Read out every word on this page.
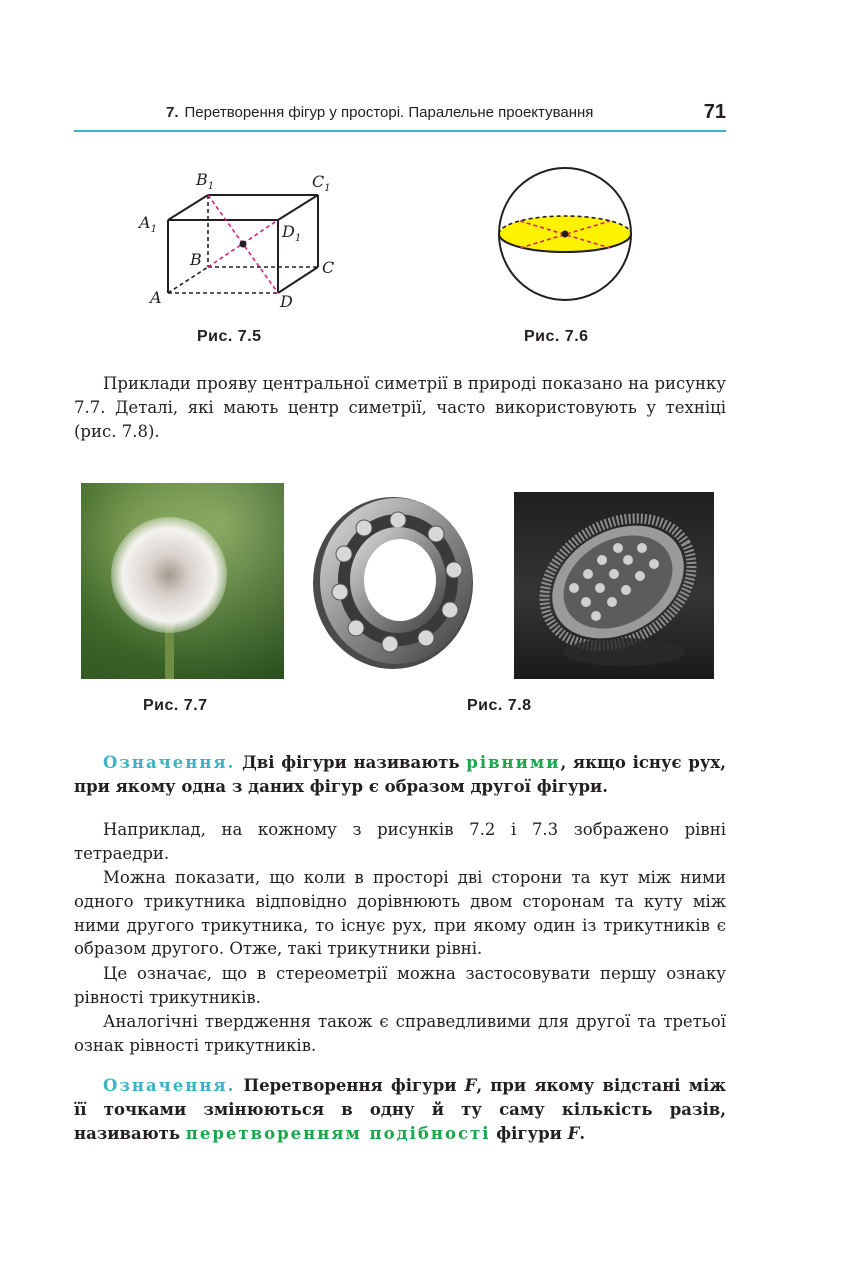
7. Перетворення фігур у просторі. Паралельне проектування	71
$B_1$	$C_1$
$A_1$	$D_1$
B	C
A	D
Рис. 7.5	Рис. 7.6
Приклади прояву центральної симетрії в природі показано на рисунку 7.7. Деталі, які мають центр симетрії, часто використовують у техніці (рис. 7.8).
Рис. 7.7	Рис. 7.8
Означення. Дві фігури називають рівними, якщо існує рух, при якому одна з даних фігур є образом другої фігури.
Наприклад, на кожному з рисунків 7.2 і 7.3 зображено рівні тетраедри.
Можна показати, що коли в просторі дві сторони та кут між ними одного трикутника відповідно дорівнюють двом сторонам та куту між ними другого трикутника, то існує рух, при якому один із трикутників є образом другого. Отже, такі трикутники рівні.
Це означає, що в стереометрії можна застосовувати першу ознаку рівності трикутників.
Аналогічні твердження також є справедливими для другої та третьої ознак рівності трикутників.
Означення. Перетворення фігури F, при якому відстані між її точками змінюються в одну й ту саму кількість разів, називають перетворенням подібності фігури F.
